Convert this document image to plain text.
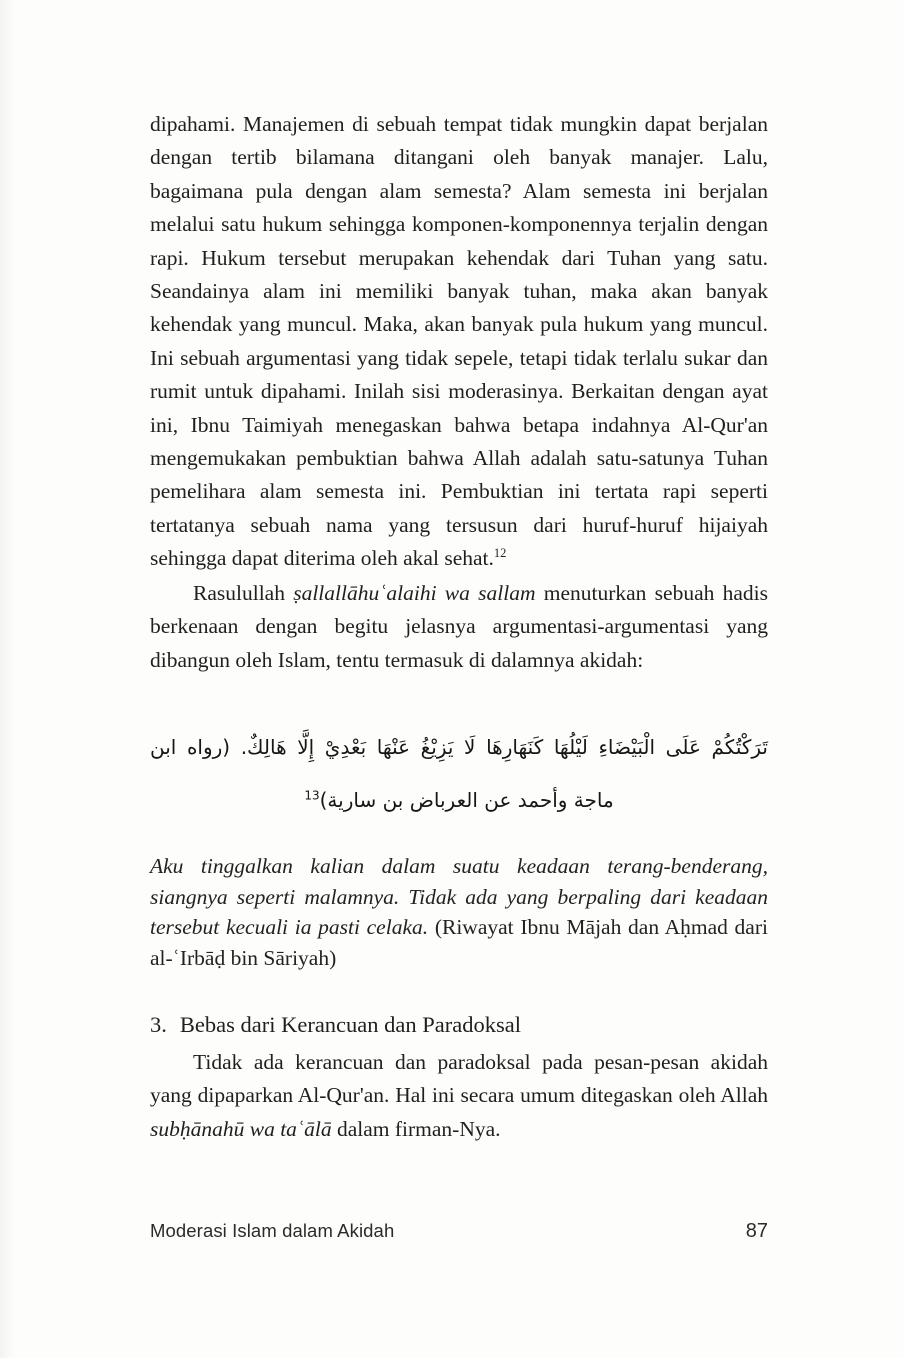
dipahami. Manajemen di sebuah tempat tidak mungkin dapat berjalan dengan tertib bilamana ditangani oleh banyak manajer. Lalu, bagaimana pula dengan alam semesta? Alam semesta ini berjalan melalui satu hukum sehingga komponen-komponennya terjalin dengan rapi. Hukum tersebut merupakan kehendak dari Tuhan yang satu. Seandainya alam ini memiliki banyak tuhan, maka akan banyak kehendak yang muncul. Maka, akan banyak pula hukum yang muncul. Ini sebuah argumentasi yang tidak sepele, tetapi tidak terlalu sukar dan rumit untuk dipahami. Inilah sisi moderasinya. Berkaitan dengan ayat ini, Ibnu Taimiyah menegaskan bahwa betapa indahnya Al-Qur'an mengemukakan pembuktian bahwa Allah adalah satu-satunya Tuhan pemelihara alam semesta ini. Pembuktian ini tertata rapi seperti tertatanya sebuah nama yang tersusun dari huruf-huruf hijaiyah sehingga dapat diterima oleh akal sehat.$^{12}$

Rasulullah ṣallallāhuʿalaihi wa sallam menuturkan sebuah hadis berkenaan dengan begitu jelasnya argumentasi-argumentasi yang dibangun oleh Islam, tentu termasuk di dalamnya akidah:

تَرَكْتُكُمْ عَلَى الْبَيْضَاءِ لَيْلُهَا كَنَهَارِهَا لَا يَزِيْغُ عَنْهَا بَعْدِيْ إِلَّا هَالِكٌ. (رواه ابن
ماجة وأحمد عن العرباض بن سارية)$^{13}$
Aku tinggalkan kalian dalam suatu keadaan terang-benderang, siangnya seperti malamnya. Tidak ada yang berpaling dari keadaan tersebut kecuali ia pasti celaka. (Riwayat Ibnu Mājah dan Aḥmad dari al-ʿIrbāḍ bin Sāriyah)
3. Bebas dari Kerancuan dan Paradoksal

Tidak ada kerancuan dan paradoksal pada pesan-pesan akidah yang dipaparkan Al-Qur'an. Hal ini secara umum ditegaskan oleh Allah subḥānahū wa taʿālā dalam firman-Nya.

Moderasi Islam dalam Akidah	87
